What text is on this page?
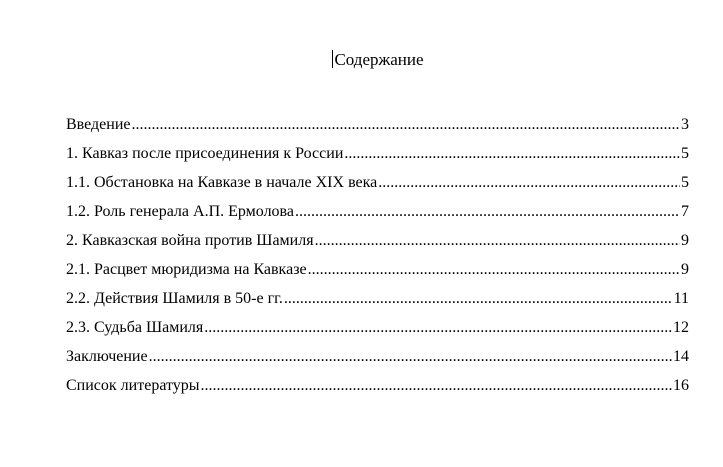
Содержание
Введение .....	3
1. Кавказ после присоединения к России .....	5
1.1. Обстановка на Кавказе в начале XIX века .....	5
1.2. Роль генерала А.П. Ермолова .....	7
2. Кавказская война против Шамиля .....	9
2.1. Расцвет мюридизма на Кавказе .....	9
2.2. Действия Шамиля в 50-е гг. .....	11
2.3. Судьба Шамиля .....	12
Заключение .....	14
Список литературы .....	16
